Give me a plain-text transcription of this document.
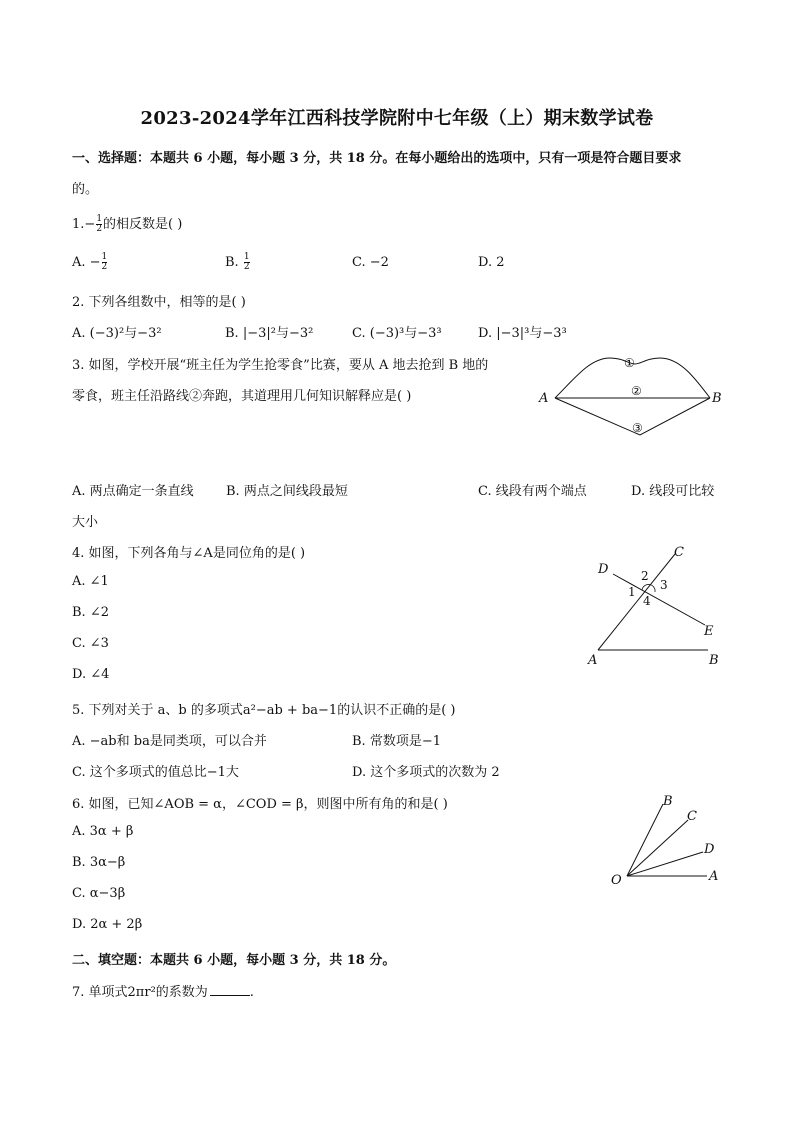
2023-2024学年江西科技学院附中七年级（上）期末数学试卷
一、选择题：本题共 6 小题，每小题 3 分，共 18 分。在每小题给出的选项中，只有一项是符合题目要求
的。
$1.- \frac{1}{2}$ 的相反数是( )
A. − $\frac{1}{2}$	B. $\frac{1}{2}$	C. −2	D. 2
2. 下列各组数中，相等的是( )
A. (−3)²与−3²	B. |−3|²与−3²	C. (−3)³与−3³	D. |−3|³与−3³
3. 如图，学校开展“班主任为学生抢零食”比赛，要从 A 地去抢到 B 地的
零食，班主任沿路线②奔跑，其道理用几何知识解释应是( )	A	B
①
②
③
A. 两点确定一条直线 B. 两点之间线段最短	C. 线段有两个端点	D. 线段可比较
大小
4. 如图，下列各角与∠A是同位角的是( )
A. ∠1
B. ∠2
C. ∠3
D. ∠4
A	B
C
D
E
1
2
3
4
5. 下列对关于 a、b 的多项式a²−ab + ba−1的认识不正确的是( )
A. −ab和 ba是同类项，可以合并	B. 常数项是−1
C. 这个多项式的值总比−1大	D. 这个多项式的次数为 2
6. 如图，已知∠AOB = α，∠COD = β，则图中所有角的和是( )
A. 3α + β
B. 3α−β
C. α−3β
D. 2α + 2β
O	A
B
C
D
二、填空题：本题共 6 小题，每小题 3 分，共 18 分。
7. 单项式2πr²的系数为	.
